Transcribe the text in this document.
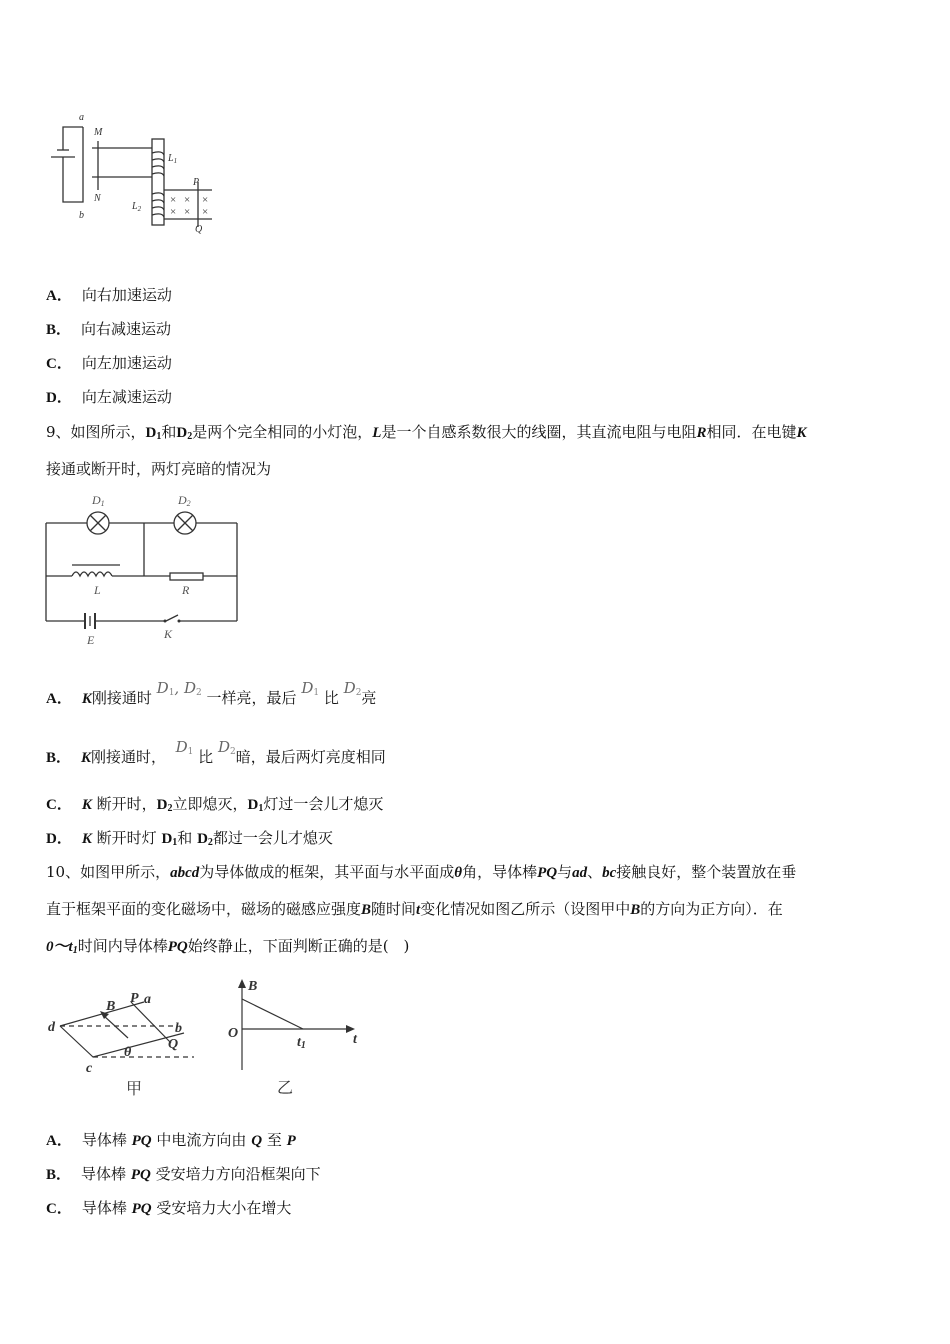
a
b
M
N
$L_1$
$L_2$
P
Q
× × ×
× × ×
A． 向右加速运动
B． 向右减速运动
C． 向左加速运动
D． 向左减速运动
9、如图所示，$D_1$和$D_2$是两个完全相同的小灯泡，L是一个自感系数很大的线圈，其直流电阻与电阻R相同．在电键K
接通或断开时，两灯亮暗的情况为
D1	D2
L	R
E	K
A． K刚接通时 $D_1$, $D_2$ 一样亮，最后 $D_1$ 比 $D_2$亮
B． K刚接通时，  $D_1$ 比 $D_2$暗，最后两灯亮度相同
C． K 断开时，$D_2$立即熄灭，$D_1$灯过一会儿才熄灭
D． K 断开时灯 $D_1$和 $D_2$都过一会儿才熄灭
10、如图甲所示，abcd为导体做成的框架，其平面与水平面成θ角，导体棒PQ与ad、bc接触良好，整个装置放在垂
直于框架平面的变化磁场中，磁场的磁感应强度B随时间t变化情况如图乙所示（设图甲中B的方向为正方向）．在
$0\sim t_1$时间内导体棒PQ始终静止，下面判断正确的是(　)
B
P a
d	b
Q
c
θ
甲
B
O
t1	t
乙
A． 导体棒 PQ 中电流方向由 Q 至 P
B． 导体棒 PQ 受安培力方向沿框架向下
C． 导体棒 PQ 受安培力大小在增大
